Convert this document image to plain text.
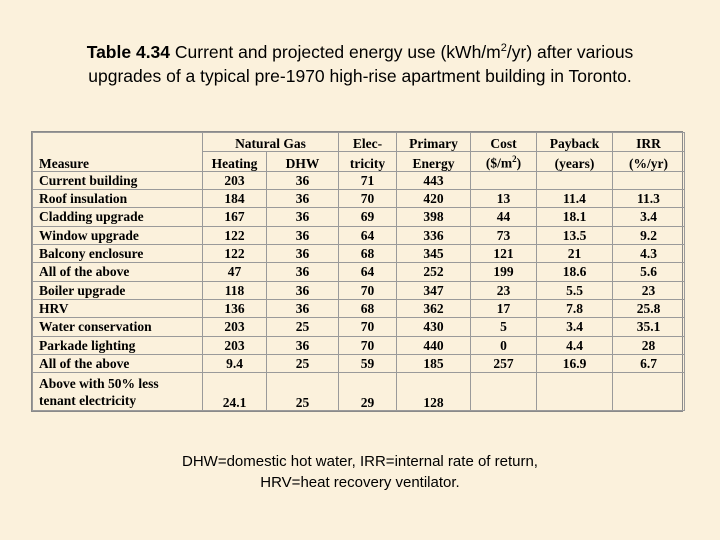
Table 4.34 Current and projected energy use $(kWh/m^2/yr)$ after various
upgrades of a typical pre-1970 high-rise apartment building in Toronto.
Measure	Natural Gas		Elec-	Primary	Cost	Payback	IRR
	Heating	DHW	tricity	Energy	$(\$/m^2)$	(years)	(%/yr)
Current building	203	36	71	443			
Roof insulation	184	36	70	420	13	11.4	11.3
Cladding upgrade	167	36	69	398	44	18.1	3.4
Window upgrade	122	36	64	336	73	13.5	9.2
Balcony enclosure	122	36	68	345	121	21	4.3
All of the above	47	36	64	252	199	18.6	5.6
Boiler upgrade	118	36	70	347	23	5.5	23
HRV	136	36	68	362	17	7.8	25.8
Water conservation	203	25	70	430	5	3.4	35.1
Parkade lighting	203	36	70	440	0	4.4	28
All of the above	9.4	25	59	185	257	16.9	6.7
Above with 50% less
tenant electricity	24.1	25	29	128			
DHW=domestic hot water, IRR=internal rate of return,
HRV=heat recovery ventilator.
